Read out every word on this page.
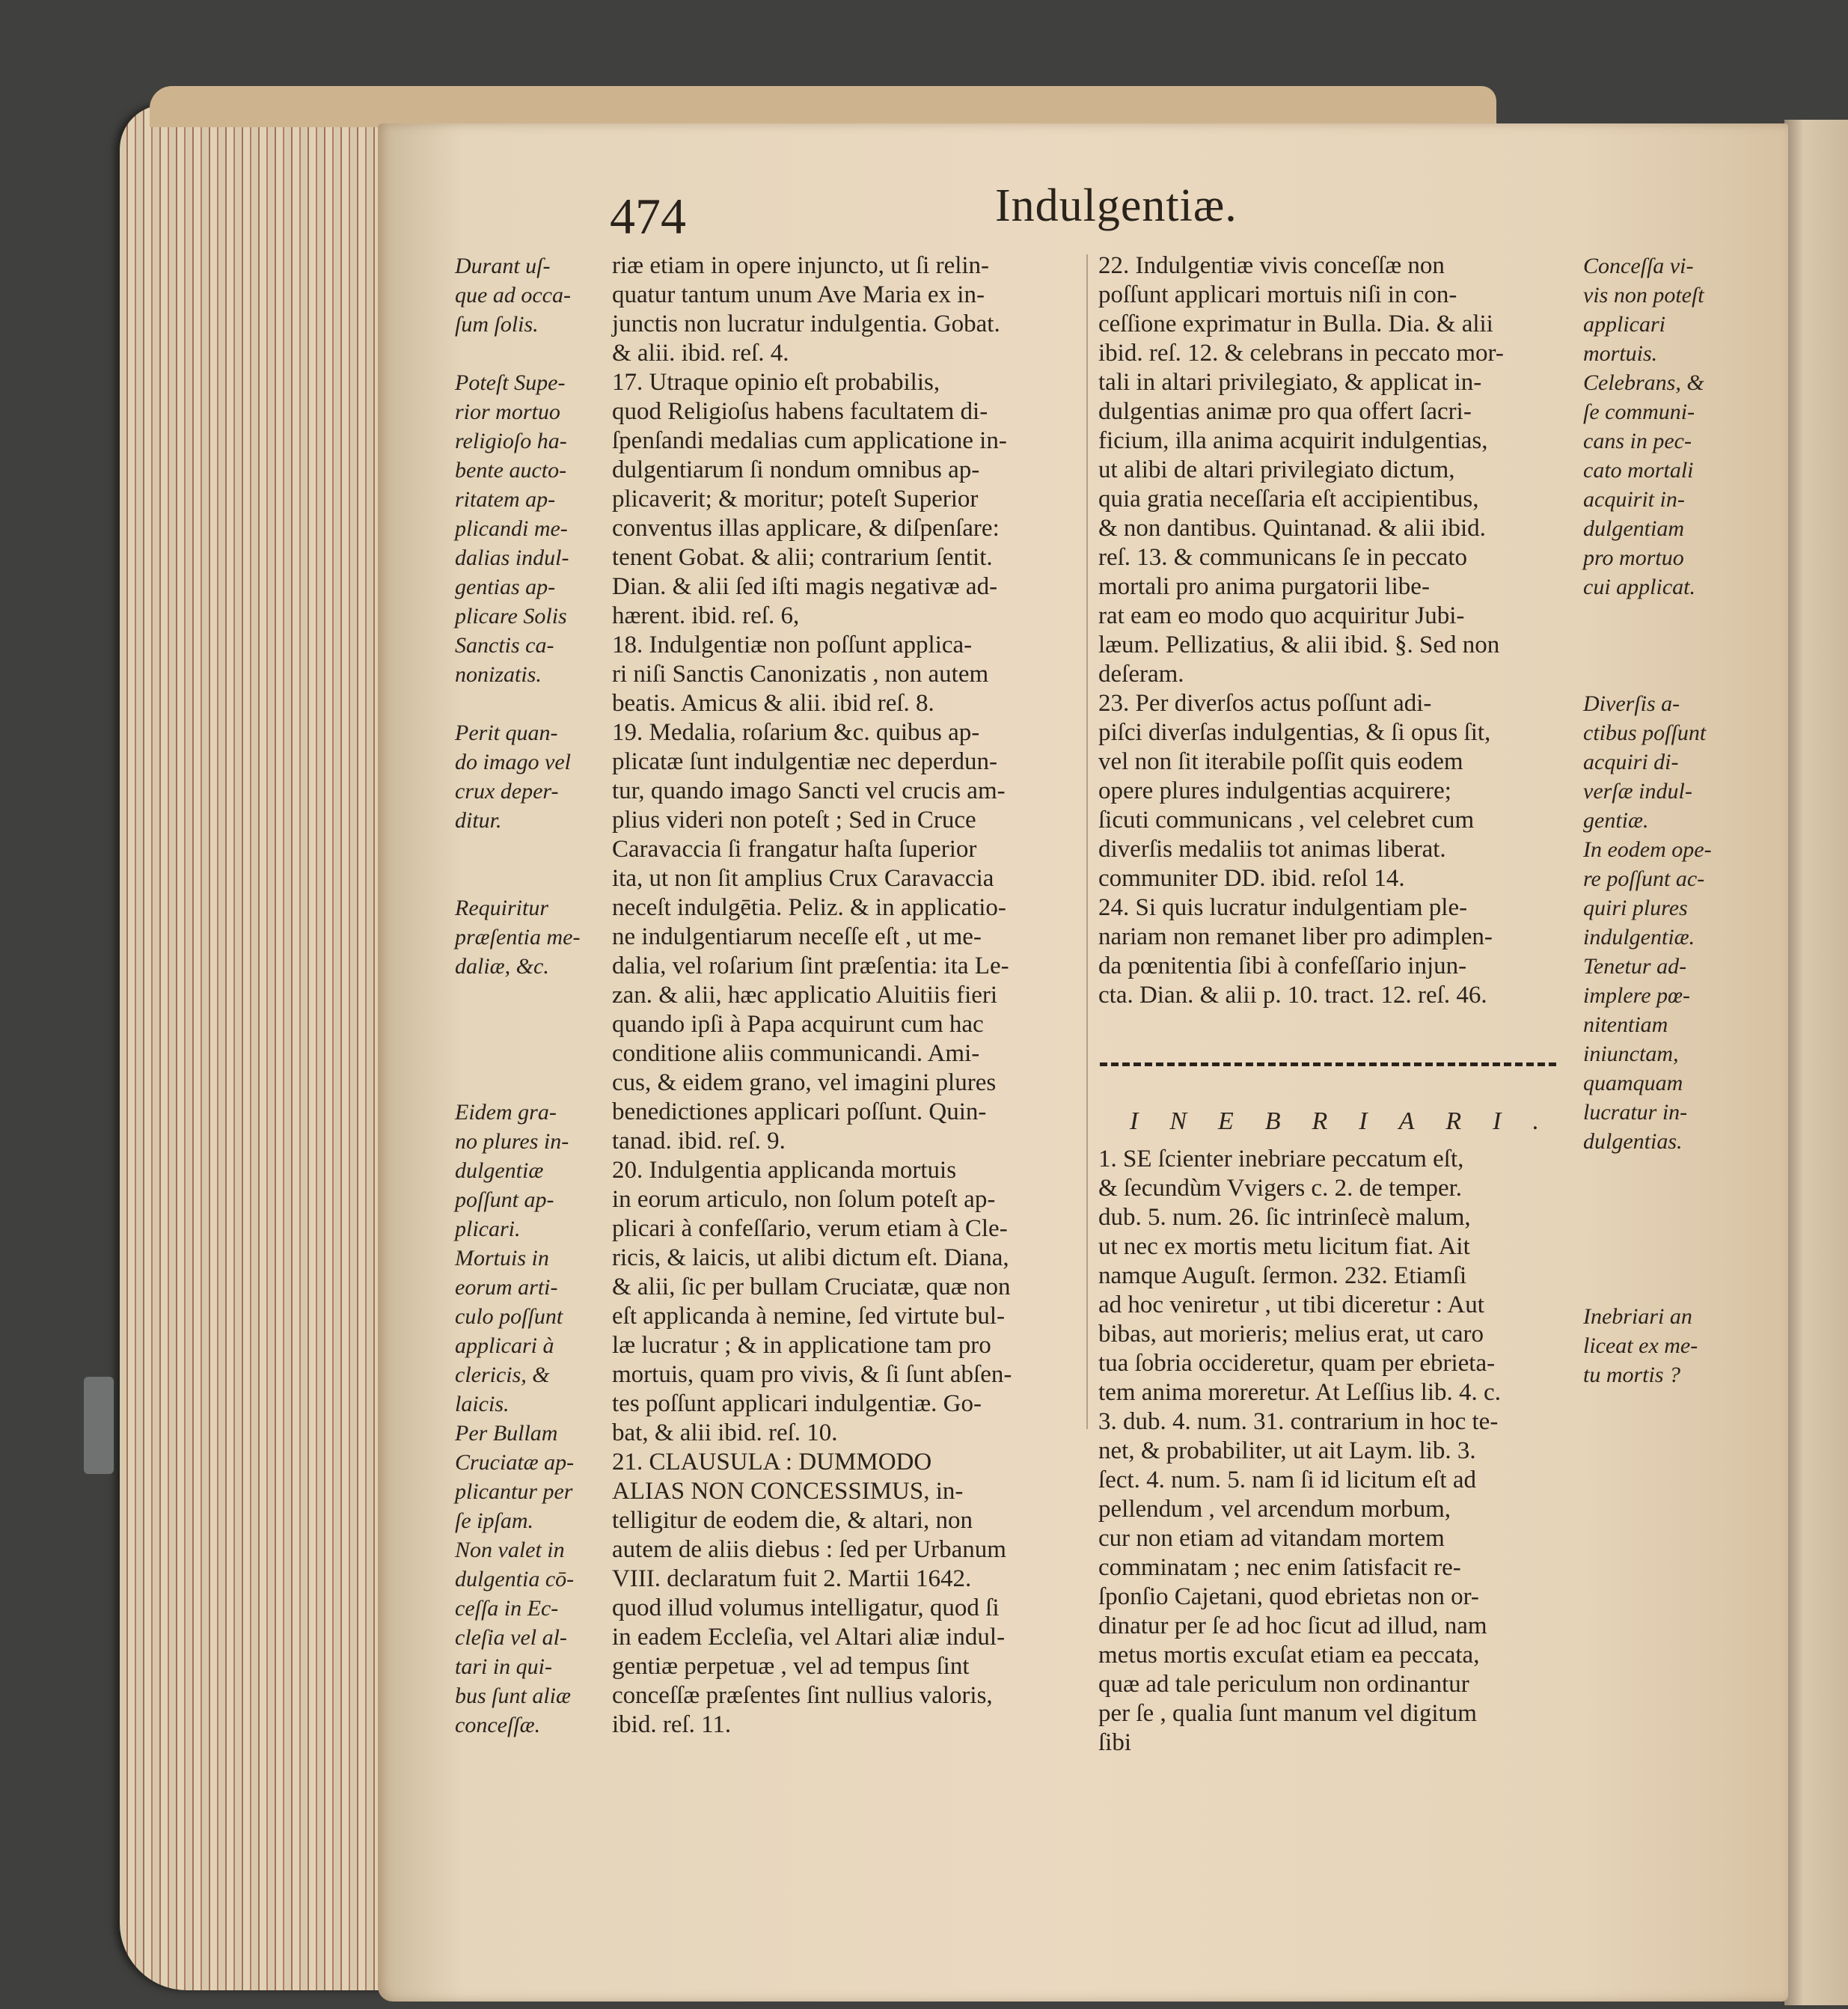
474	Indulgentiæ.
Durant uſ-
que ad occa-
ſum ſolis.
Poteſt Supe-
rior mortuo
religioſo ha-
bente aucto-
ritatem ap-
plicandi me-
dalias indul-
gentias ap-
plicare Solis
Sanctis ca-
nonizatis.
Perit quan-
do imago vel
crux deper-
ditur.
Requiritur
præſentia me-
daliæ, &c.
Eidem gra-
no plures in-
dulgentiæ
poſſunt ap-
plicari.
Mortuis in
eorum arti-
culo poſſunt
applicari à
clericis, &
laicis.
Per Bullam
Cruciatæ ap-
plicantur per
ſe ipſam.
Non valet in
dulgentia cō-
ceſſa in Ec-
cleſia vel al-
tari in qui-
bus ſunt aliæ
conceſſæ.
riæ etiam in opere injuncto, ut ſi relin-
quatur tantum unum Ave Maria ex in-
junctis non lucratur indulgentia. Gobat.
& alii. ibid. reſ. 4.
17. Utraque opinio eſt probabilis,
quod Religioſus habens facultatem di-
ſpenſandi medalias cum applicatione in-
dulgentiarum ſi nondum omnibus ap-
plicaverit; & moritur; poteſt Superior
conventus illas applicare, & diſpenſare:
tenent Gobat. & alii; contrarium ſentit.
Dian. & alii ſed iſti magis negativæ ad-
hærent. ibid. reſ. 6,
18. Indulgentiæ non poſſunt applica-
ri niſi Sanctis Canonizatis , non autem
beatis. Amicus & alii. ibid reſ. 8.
19. Medalia, roſarium &c. quibus ap-
plicatæ ſunt indulgentiæ nec deperdun-
tur, quando imago Sancti vel crucis am-
plius videri non poteſt ; Sed in Cruce
Caravaccia ſi frangatur haſta ſuperior
ita, ut non ſit amplius Crux Caravaccia
neceſt indulgētia. Peliz. & in applicatio-
ne indulgentiarum neceſſe eſt , ut me-
dalia, vel roſarium ſint præſentia: ita Le-
zan. & alii, hæc applicatio Aluitiis fieri
quando ipſi à Papa acquirunt cum hac
conditione aliis communicandi. Ami-
cus, & eidem grano, vel imagini plures
benedictiones applicari poſſunt. Quin-
tanad. ibid. reſ. 9.
20. Indulgentia applicanda mortuis
in eorum articulo, non ſolum poteſt ap-
plicari à confeſſario, verum etiam à Cle-
ricis, & laicis, ut alibi dictum eſt. Diana,
& alii, ſic per bullam Cruciatæ, quæ non
eſt applicanda à nemine, ſed virtute bul-
læ lucratur ; & in applicatione tam pro
mortuis, quam pro vivis, & ſi ſunt abſen-
tes poſſunt applicari indulgentiæ. Go-
bat, & alii ibid. reſ. 10.
21. CLAUSULA : DUMMODO
ALIAS NON CONCESSIMUS, in-
telligitur de eodem die, & altari, non
autem de aliis diebus : ſed per Urbanum
VIII. declaratum fuit 2. Martii 1642.
quod illud volumus intelligatur, quod ſi
in eadem Eccleſia, vel Altari aliæ indul-
gentiæ perpetuæ , vel ad tempus ſint
conceſſæ præſentes ſint nullius valoris,
ibid. reſ. 11.
22. Indulgentiæ vivis conceſſæ non
poſſunt applicari mortuis niſi in con-
ceſſione exprimatur in Bulla. Dia. & alii
ibid. reſ. 12. & celebrans in peccato mor-
tali in altari privilegiato, & applicat in-
dulgentias animæ pro qua offert ſacri-
ficium, illa anima acquirit indulgentias,
ut alibi de altari privilegiato dictum,
quia gratia neceſſaria eſt accipientibus,
& non dantibus. Quintanad. & alii ibid.
reſ. 13. & communicans ſe in peccato
mortali pro anima purgatorii libe-
rat eam eo modo quo acquiritur Jubi-
læum. Pellizatius, & alii ibid. §. Sed non
deſeram.
23. Per diverſos actus poſſunt adi-
piſci diverſas indulgentias, & ſi opus ſit,
vel non ſit iterabile poſſit quis eodem
opere plures indulgentias acquirere;
ſicuti communicans , vel celebret cum
diverſis medaliis tot animas liberat.
communiter DD. ibid. reſol 14.
24. Si quis lucratur indulgentiam ple-
nariam non remanet liber pro adimplen-
da pœnitentia ſibi à confeſſario injun-
cta. Dian. & alii p. 10. tract. 12. reſ. 46.
INEBRIARI.
1. SE ſcienter inebriare peccatum eſt,
& ſecundùm Vvigers c. 2. de temper.
dub. 5. num. 26. ſic intrinſecè malum,
ut nec ex mortis metu licitum fiat. Ait
namque Auguſt. ſermon. 232. Etiamſi
ad hoc veniretur , ut tibi diceretur : Aut
bibas, aut morieris; melius erat, ut caro
tua ſobria occideretur, quam per ebrieta-
tem anima moreretur. At Leſſius lib. 4. c.
3. dub. 4. num. 31. contrarium in hoc te-
net, & probabiliter, ut ait Laym. lib. 3.
ſect. 4. num. 5. nam ſi id licitum eſt ad
pellendum , vel arcendum morbum,
cur non etiam ad vitandam mortem
comminatam ; nec enim ſatisfacit re-
ſponſio Cajetani, quod ebrietas non or-
dinatur per ſe ad hoc ſicut ad illud, nam
metus mortis excuſat etiam ea peccata,
quæ ad tale periculum non ordinantur
per ſe , qualia ſunt manum vel digitum
ſibi
Conceſſa vi-
vis non poteſt
applicari
mortuis.
Celebrans, &
ſe communi-
cans in pec-
cato mortali
acquirit in-
dulgentiam
pro mortuo
cui applicat.
Diverſis a-
ctibus poſſunt
acquiri di-
verſæ indul-
gentiæ.
In eodem ope-
re poſſunt ac-
quiri plures
indulgentiæ.
Tenetur ad-
implere pœ-
nitentiam
iniunctam,
quamquam
lucratur in-
dulgentias.
Inebriari an
liceat ex me-
tu mortis ?
